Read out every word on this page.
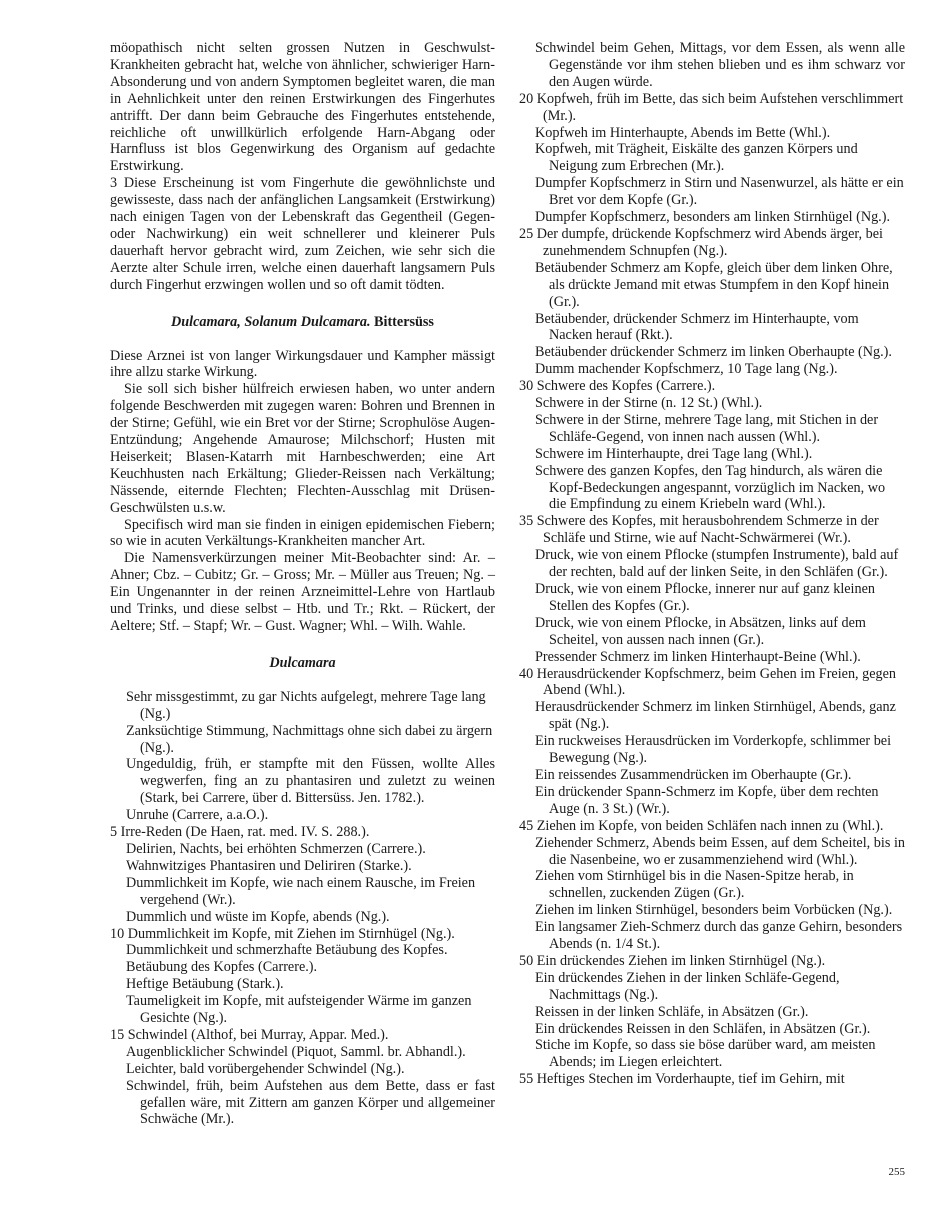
möopathisch nicht selten grossen Nutzen in Geschwulst-Krankheiten gebracht hat, welche von ähnlicher, schwieriger Harn-Absonderung und von andern Symptomen begleitet waren, die man in Aehnlichkeit unter den reinen Erstwirkungen des Fingerhutes antrifft. Der dann beim Gebrauche des Fingerhutes entstehende, reichliche oft unwillkürlich erfolgende Harn-Abgang oder Harnfluss ist blos Gegenwirkung des Organism auf gedachte Erstwirkung.

3 Diese Erscheinung ist vom Fingerhute die gewöhnlichste und gewisseste, dass nach der anfänglichen Langsamkeit (Erstwirkung) nach einigen Tagen von der Lebenskraft das Gegentheil (Gegen- oder Nachwirkung) ein weit schnellerer und kleinerer Puls dauerhaft hervor gebracht wird, zum Zeichen, wie sehr sich die Aerzte alter Schule irren, welche einen dauerhaft langsamern Puls durch Fingerhut erzwingen wollen und so oft damit tödten.

Dulcamara, Solanum Dulcamara. Bittersüss

Diese Arznei ist von langer Wirkungsdauer und Kampher mässigt ihre allzu starke Wirkung.

Sie soll sich bisher hülfreich erwiesen haben, wo unter andern folgende Beschwerden mit zugegen waren: Bohren und Brennen in der Stirne; Gefühl, wie ein Bret vor der Stirne; Scrophulöse Augen-Entzündung; Angehende Amaurose; Milchschorf; Husten mit Heiserkeit; Blasen-Katarrh mit Harnbeschwerden; eine Art Keuchhusten nach Erkältung; Glieder-Reissen nach Verkältung; Nässende, eiternde Flechten; Flechten-Ausschlag mit Drüsen-Geschwülsten u.s.w.

Specifisch wird man sie finden in einigen epidemischen Fiebern; so wie in acuten Verkältungs-Krankheiten mancher Art.

Die Namensverkürzungen meiner Mit-Beobachter sind: Ar. – Ahner; Cbz. – Cubitz; Gr. – Gross; Mr. – Müller aus Treuen; Ng. – Ein Ungenannter in der reinen Arzneimittel-Lehre von Hartlaub und Trinks, und diese selbst – Htb. und Tr.; Rkt. – Rückert, der Aeltere; Stf. – Stapf; Wr. – Gust. Wagner; Whl. – Wilh. Wahle.

Dulcamara

Sehr missgestimmt, zu gar Nichts aufgelegt, mehrere Tage lang (Ng.)

Zanksüchtige Stimmung, Nachmittags ohne sich dabei zu ärgern (Ng.).

Ungeduldig, früh, er stampfte mit den Füssen, wollte Alles wegwerfen, fing an zu phantasiren und zuletzt zu weinen (Stark, bei Carrere, über d. Bittersüss. Jen. 1782.).

Unruhe (Carrere, a.a.O.).

5 Irre-Reden (De Haen, rat. med. IV. S. 288.).

Delirien, Nachts, bei erhöhten Schmerzen (Carrere.).

Wahnwitziges Phantasiren und Deliriren (Starke.).

Dummlichkeit im Kopfe, wie nach einem Rausche, im Freien vergehend (Wr.).

Dummlich und wüste im Kopfe, abends (Ng.).

10 Dummlichkeit im Kopfe, mit Ziehen im Stirnhügel (Ng.).

Dummlichkeit und schmerzhafte Betäubung des Kopfes.

Betäubung des Kopfes (Carrere.).

Heftige Betäubung (Stark.).

Taumeligkeit im Kopfe, mit aufsteigender Wärme im ganzen Gesichte (Ng.).

15 Schwindel (Althof, bei Murray, Appar. Med.).

Augenblicklicher Schwindel (Piquot, Samml. br. Abhandl.).

Leichter, bald vorübergehender Schwindel (Ng.).

Schwindel, früh, beim Aufstehen aus dem Bette, dass er fast gefallen wäre, mit Zittern am ganzen Körper und allgemeiner Schwäche (Mr.).

Schwindel beim Gehen, Mittags, vor dem Essen, als wenn alle Gegenstände vor ihm stehen blieben und es ihm schwarz vor den Augen würde.

20 Kopfweh, früh im Bette, das sich beim Aufstehen verschlimmert (Mr.).

Kopfweh im Hinterhaupte, Abends im Bette (Whl.).

Kopfweh, mit Trägheit, Eiskälte des ganzen Körpers und Neigung zum Erbrechen (Mr.).

Dumpfer Kopfschmerz in Stirn und Nasenwurzel, als hätte er ein Bret vor dem Kopfe (Gr.).

Dumpfer Kopfschmerz, besonders am linken Stirnhügel (Ng.).

25 Der dumpfe, drückende Kopfschmerz wird Abends ärger, bei zunehmendem Schnupfen (Ng.).

Betäubender Schmerz am Kopfe, gleich über dem linken Ohre, als drückte Jemand mit etwas Stumpfem in den Kopf hinein (Gr.).

Betäubender, drückender Schmerz im Hinterhaupte, vom Nacken herauf (Rkt.).

Betäubender drückender Schmerz im linken Oberhaupte (Ng.).

Dumm machender Kopfschmerz, 10 Tage lang (Ng.).

30 Schwere des Kopfes (Carrere.).

Schwere in der Stirne (n. 12 St.) (Whl.).

Schwere in der Stirne, mehrere Tage lang, mit Stichen in der Schläfe-Gegend, von innen nach aussen (Whl.).

Schwere im Hinterhaupte, drei Tage lang (Whl.).

Schwere des ganzen Kopfes, den Tag hindurch, als wären die Kopf-Bedeckungen angespannt, vorzüglich im Nacken, wo die Empfindung zu einem Kriebeln ward (Whl.).

35 Schwere des Kopfes, mit herausbohrendem Schmerze in der Schläfe und Stirne, wie auf Nacht-Schwärmerei (Wr.).

Druck, wie von einem Pflocke (stumpfen Instrumente), bald auf der rechten, bald auf der linken Seite, in den Schläfen (Gr.).

Druck, wie von einem Pflocke, innerer nur auf ganz kleinen Stellen des Kopfes (Gr.).

Druck, wie von einem Pflocke, in Absätzen, links auf dem Scheitel, von aussen nach innen (Gr.).

Pressender Schmerz im linken Hinterhaupt-Beine (Whl.).

40 Herausdrückender Kopfschmerz, beim Gehen im Freien, gegen Abend (Whl.).

Herausdrückender Schmerz im linken Stirnhügel, Abends, ganz spät (Ng.).

Ein ruckweises Herausdrücken im Vorderkopfe, schlimmer bei Bewegung (Ng.).

Ein reissendes Zusammendrücken im Oberhaupte (Gr.).

Ein drückender Spann-Schmerz im Kopfe, über dem rechten Auge (n. 3 St.) (Wr.).

45 Ziehen im Kopfe, von beiden Schläfen nach innen zu (Whl.).

Ziehender Schmerz, Abends beim Essen, auf dem Scheitel, bis in die Nasenbeine, wo er zusammenziehend wird (Whl.).

Ziehen vom Stirnhügel bis in die Nasen-Spitze herab, in schnellen, zuckenden Zügen (Gr.).

Ziehen im linken Stirnhügel, besonders beim Vorbücken (Ng.).

Ein langsamer Zieh-Schmerz durch das ganze Gehirn, besonders Abends (n. 1/4 St.).

50 Ein drückendes Ziehen im linken Stirnhügel (Ng.).

Ein drückendes Ziehen in der linken Schläfe-Gegend, Nachmittags (Ng.).

Reissen in der linken Schläfe, in Absätzen (Gr.).

Ein drückendes Reissen in den Schläfen, in Absätzen (Gr.).

Stiche im Kopfe, so dass sie böse darüber ward, am meisten Abends; im Liegen erleichtert.

55 Heftiges Stechen im Vorderhaupte, tief im Gehirn, mit

255
